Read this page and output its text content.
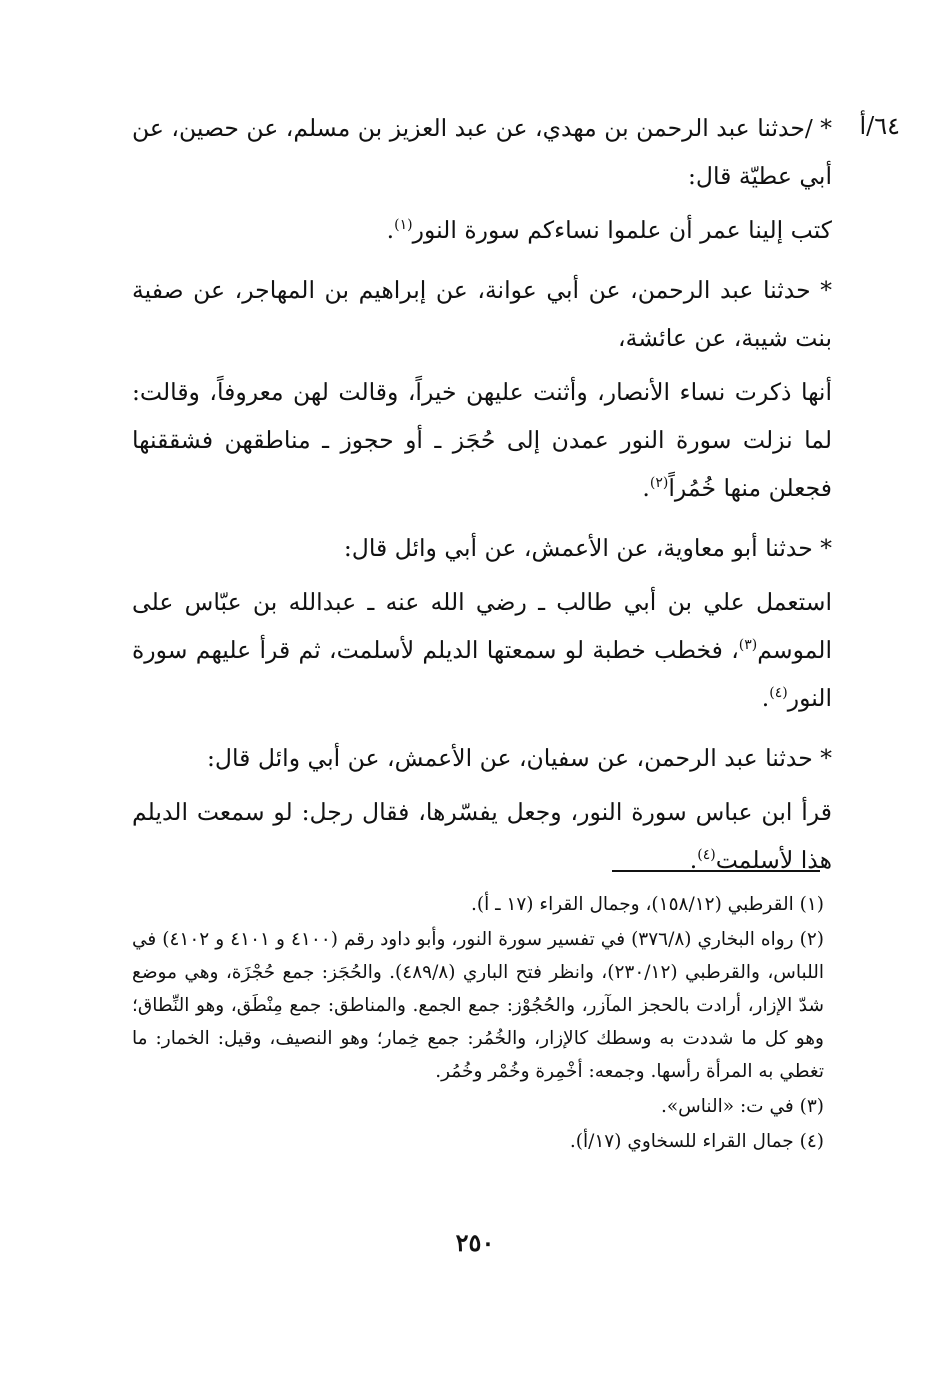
٦٤/أ

* /حدثنا عبد الرحمن بن مهدي، عن عبد العزيز بن مسلم، عن حصين، عن أبي عطيّة قال:

كتب إلينا عمر أن علموا نساءكم سورة النور$^{(١)}$.

* حدثنا عبد الرحمن، عن أبي عوانة، عن إبراهيم بن المهاجر، عن صفية بنت شيبة، عن عائشة،

أنها ذكرت نساء الأنصار، وأثنت عليهن خيراً، وقالت لهن معروفاً، وقالت: لما نزلت سورة النور عمدن إلى حُجَز ـ أو حجوز ـ مناطقهن فشققنها فجعلن منها خُمُراً$^{(٢)}$.

* حدثنا أبو معاوية، عن الأعمش، عن أبي وائل قال:

استعمل علي بن أبي طالب ـ رضي الله عنه ـ عبدالله بن عبّاس على الموسم$^{(٣)}$، فخطب خطبة لو سمعتها الديلم لأسلمت، ثم قرأ عليهم سورة النور$^{(٤)}$.

* حدثنا عبد الرحمن، عن سفيان، عن الأعمش، عن أبي وائل قال:

قرأ ابن عباس سورة النور، وجعل يفسّرها، فقال رجل: لو سمعت الديلم هذا لأسلمت$^{(٤)}$.

(١) القرطبي (١٥٨/١٢)، وجمال القراء (١٧ ـ أ).

(٢) رواه البخاري (٣٧٦/٨) في تفسير سورة النور، وأبو داود رقم (٤١٠٠ و ٤١٠١ و ٤١٠٢) في اللباس، والقرطبي (٢٣٠/١٢)، وانظر فتح الباري (٤٨٩/٨). والحُجَز: جمع حُجْزَة، وهي موضع شدّ الإزار، أرادت بالحجز المآزر، والحُجُوْز: جمع الجمع. والمناطق: جمع مِنْطَق، وهو النِّطاق؛ وهو كل ما شددت به وسطك كالإزار، والخُمُر: جمع خِمار؛ وهو النصيف، وقيل: الخمار: ما تغطي به المرأة رأسها. وجمعه: أخْمِرة وخُمْر وخُمُر.

(٣) في ت: «الناس».

(٤) جمال القراء للسخاوي (١٧/أ).

٢٥٠
